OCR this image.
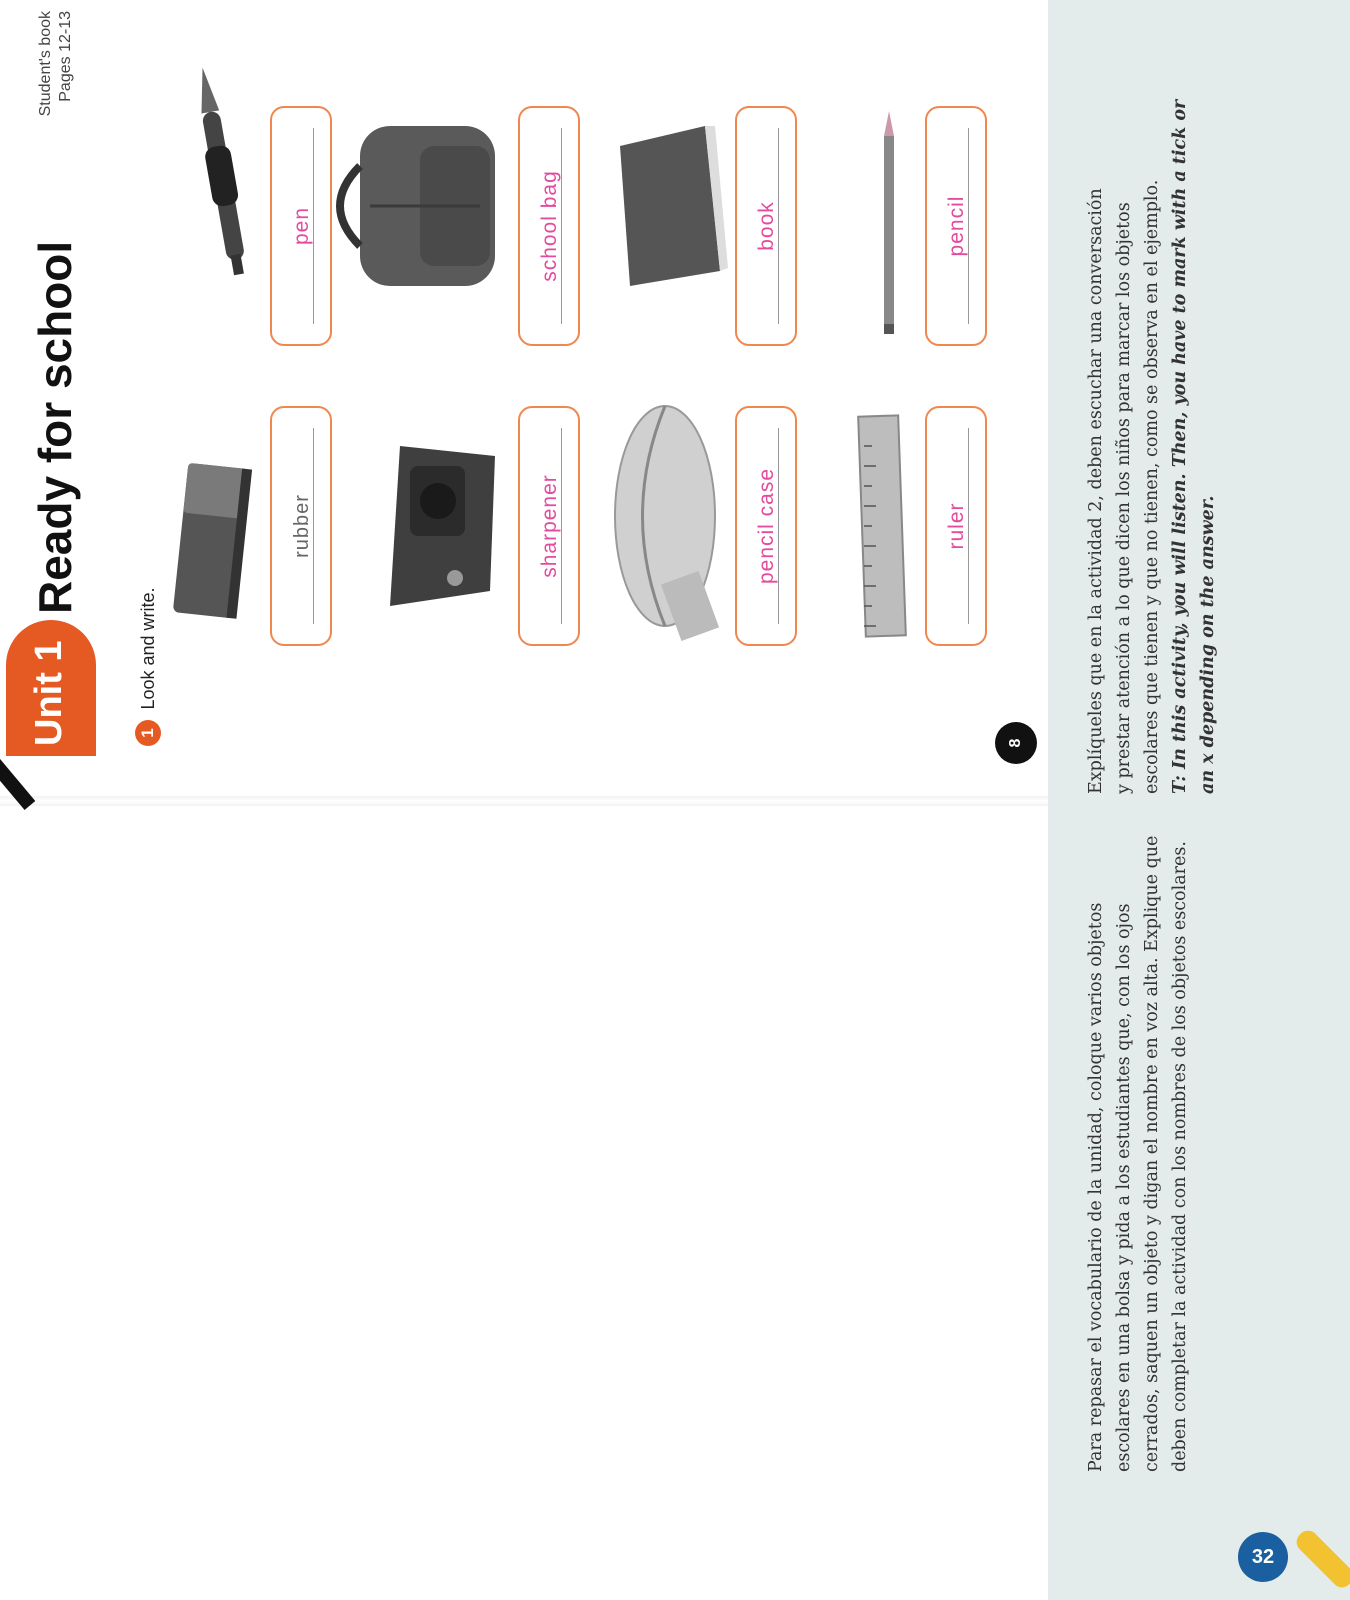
Unit 1
Ready for school
Student's book Pages 12-13
1 Look and write.
rubber
pen
sharpener
school bag
pencil case
book
ruler
pencil
8

Para repasar el vocabulario de la unidad, coloque varios objetos escolares en una bolsa y pida a los estudiantes que, con los ojos cerrados, saquen un objeto y digan el nombre en voz alta. Explique que deben completar la actividad con los nombres de los objetos escolares.
Explíqueles que en la actividad 2, deben escuchar una conversación y prestar atención a lo que dicen los niños para marcar los objetos escolares que tienen y que no tienen, como se observa en el ejemplo. T: In this activity, you will listen. Then, you have to mark with a tick or an x depending on the answer.
32
